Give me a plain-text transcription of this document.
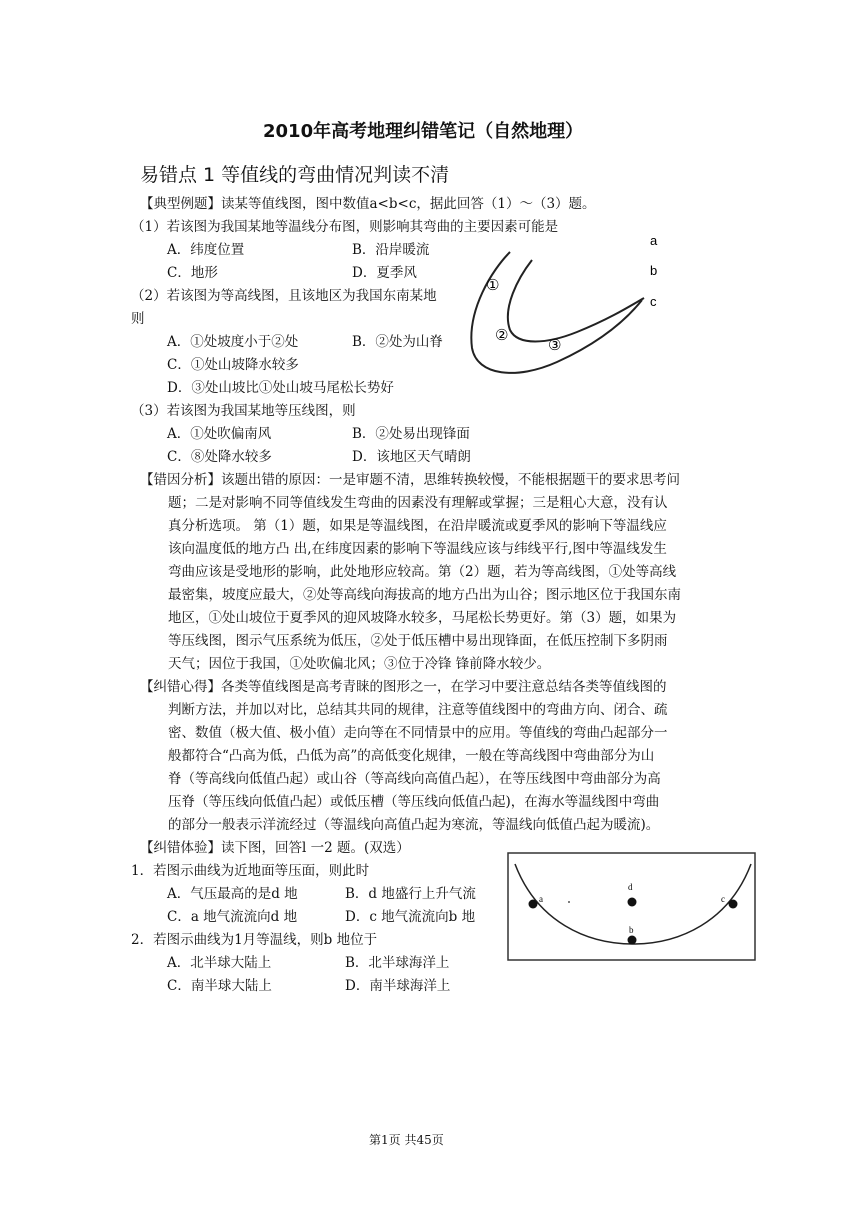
2010年高考地理纠错笔记（自然地理）
易错点 1 等值线的弯曲情况判读不清
【典型例题】读某等值线图，图中数值a<b<c，据此回答（1）～（3）题。
（1）若该图为我国某地等温线分布图，则影响其弯曲的主要因素可能是
A．纬度位置	B．沿岸暖流
C．地形	D．夏季风
（2）若该图为等高线图，且该地区为我国东南某地
则
A．①处坡度小于②处	B．②处为山脊
C．①处山坡降水较多
D．③处山坡比①处山坡马尾松长势好
（3）若该图为我国某地等压线图，则
A．①处吹偏南风	B．②处易出现锋面
C．⑧处降水较多	D．该地区天气晴朗
a
b
c
①
②
③
【错因分析】该题出错的原因：一是审题不清，思维转换较慢，不能根据题干的要求思考问
题；二是对影响不同等值线发生弯曲的因素没有理解或掌握；三是粗心大意，没有认
真分析选项。 第（1）题，如果是等温线图，在沿岸暖流或夏季风的影响下等温线应
该向温度低的地方凸 出,在纬度因素的影响下等温线应该与纬线平行,图中等温线发生
弯曲应该是受地形的影响，此处地形应较高。第（2）题，若为等高线图，①处等高线
最密集，坡度应最大，②处等高线向海拔高的地方凸出为山谷；图示地区位于我国东南
地区，①处山坡位于夏季风的迎风坡降水较多，马尾松长势更好。第（3）题，如果为
等压线图，图示气压系统为低压，②处于低压槽中易出现锋面，在低压控制下多阴雨
天气；因位于我国，①处吹偏北风；③位于冷锋 锋前降水较少。
【纠错心得】各类等值线图是高考青睐的图形之一，在学习中要注意总结各类等值线图的
判断方法，并加以对比，总结其共同的规律，注意等值线图中的弯曲方向、闭合、疏
密、数值（极大值、极小值）走向等在不同情景中的应用。等值线的弯曲凸起部分一
般都符合“凸高为低，凸低为高”的高低变化规律，一般在等高线图中弯曲部分为山
脊（等高线向低值凸起）或山谷（等高线向高值凸起），在等压线图中弯曲部分为高
压脊（等压线向低值凸起）或低压槽（等压线向低值凸起)，在海水等温线图中弯曲
的部分一般表示洋流经过（等温线向高值凸起为寒流，等温线向低值凸起为暖流)。
【纠错体验】读下图，回答l 一2 题。(双选）
1．若图示曲线为近地面等压面，则此时
A．气压最高的是d 地	B．d 地盛行上升气流
C．a 地气流流向d 地	D．c 地气流流向b 地
2．若图示曲线为1月等温线，则b 地位于
A．北半球大陆上	B．北半球海洋上
C．南半球大陆上	D．南半球海洋上
a
d
b
c
第1页 共45页
